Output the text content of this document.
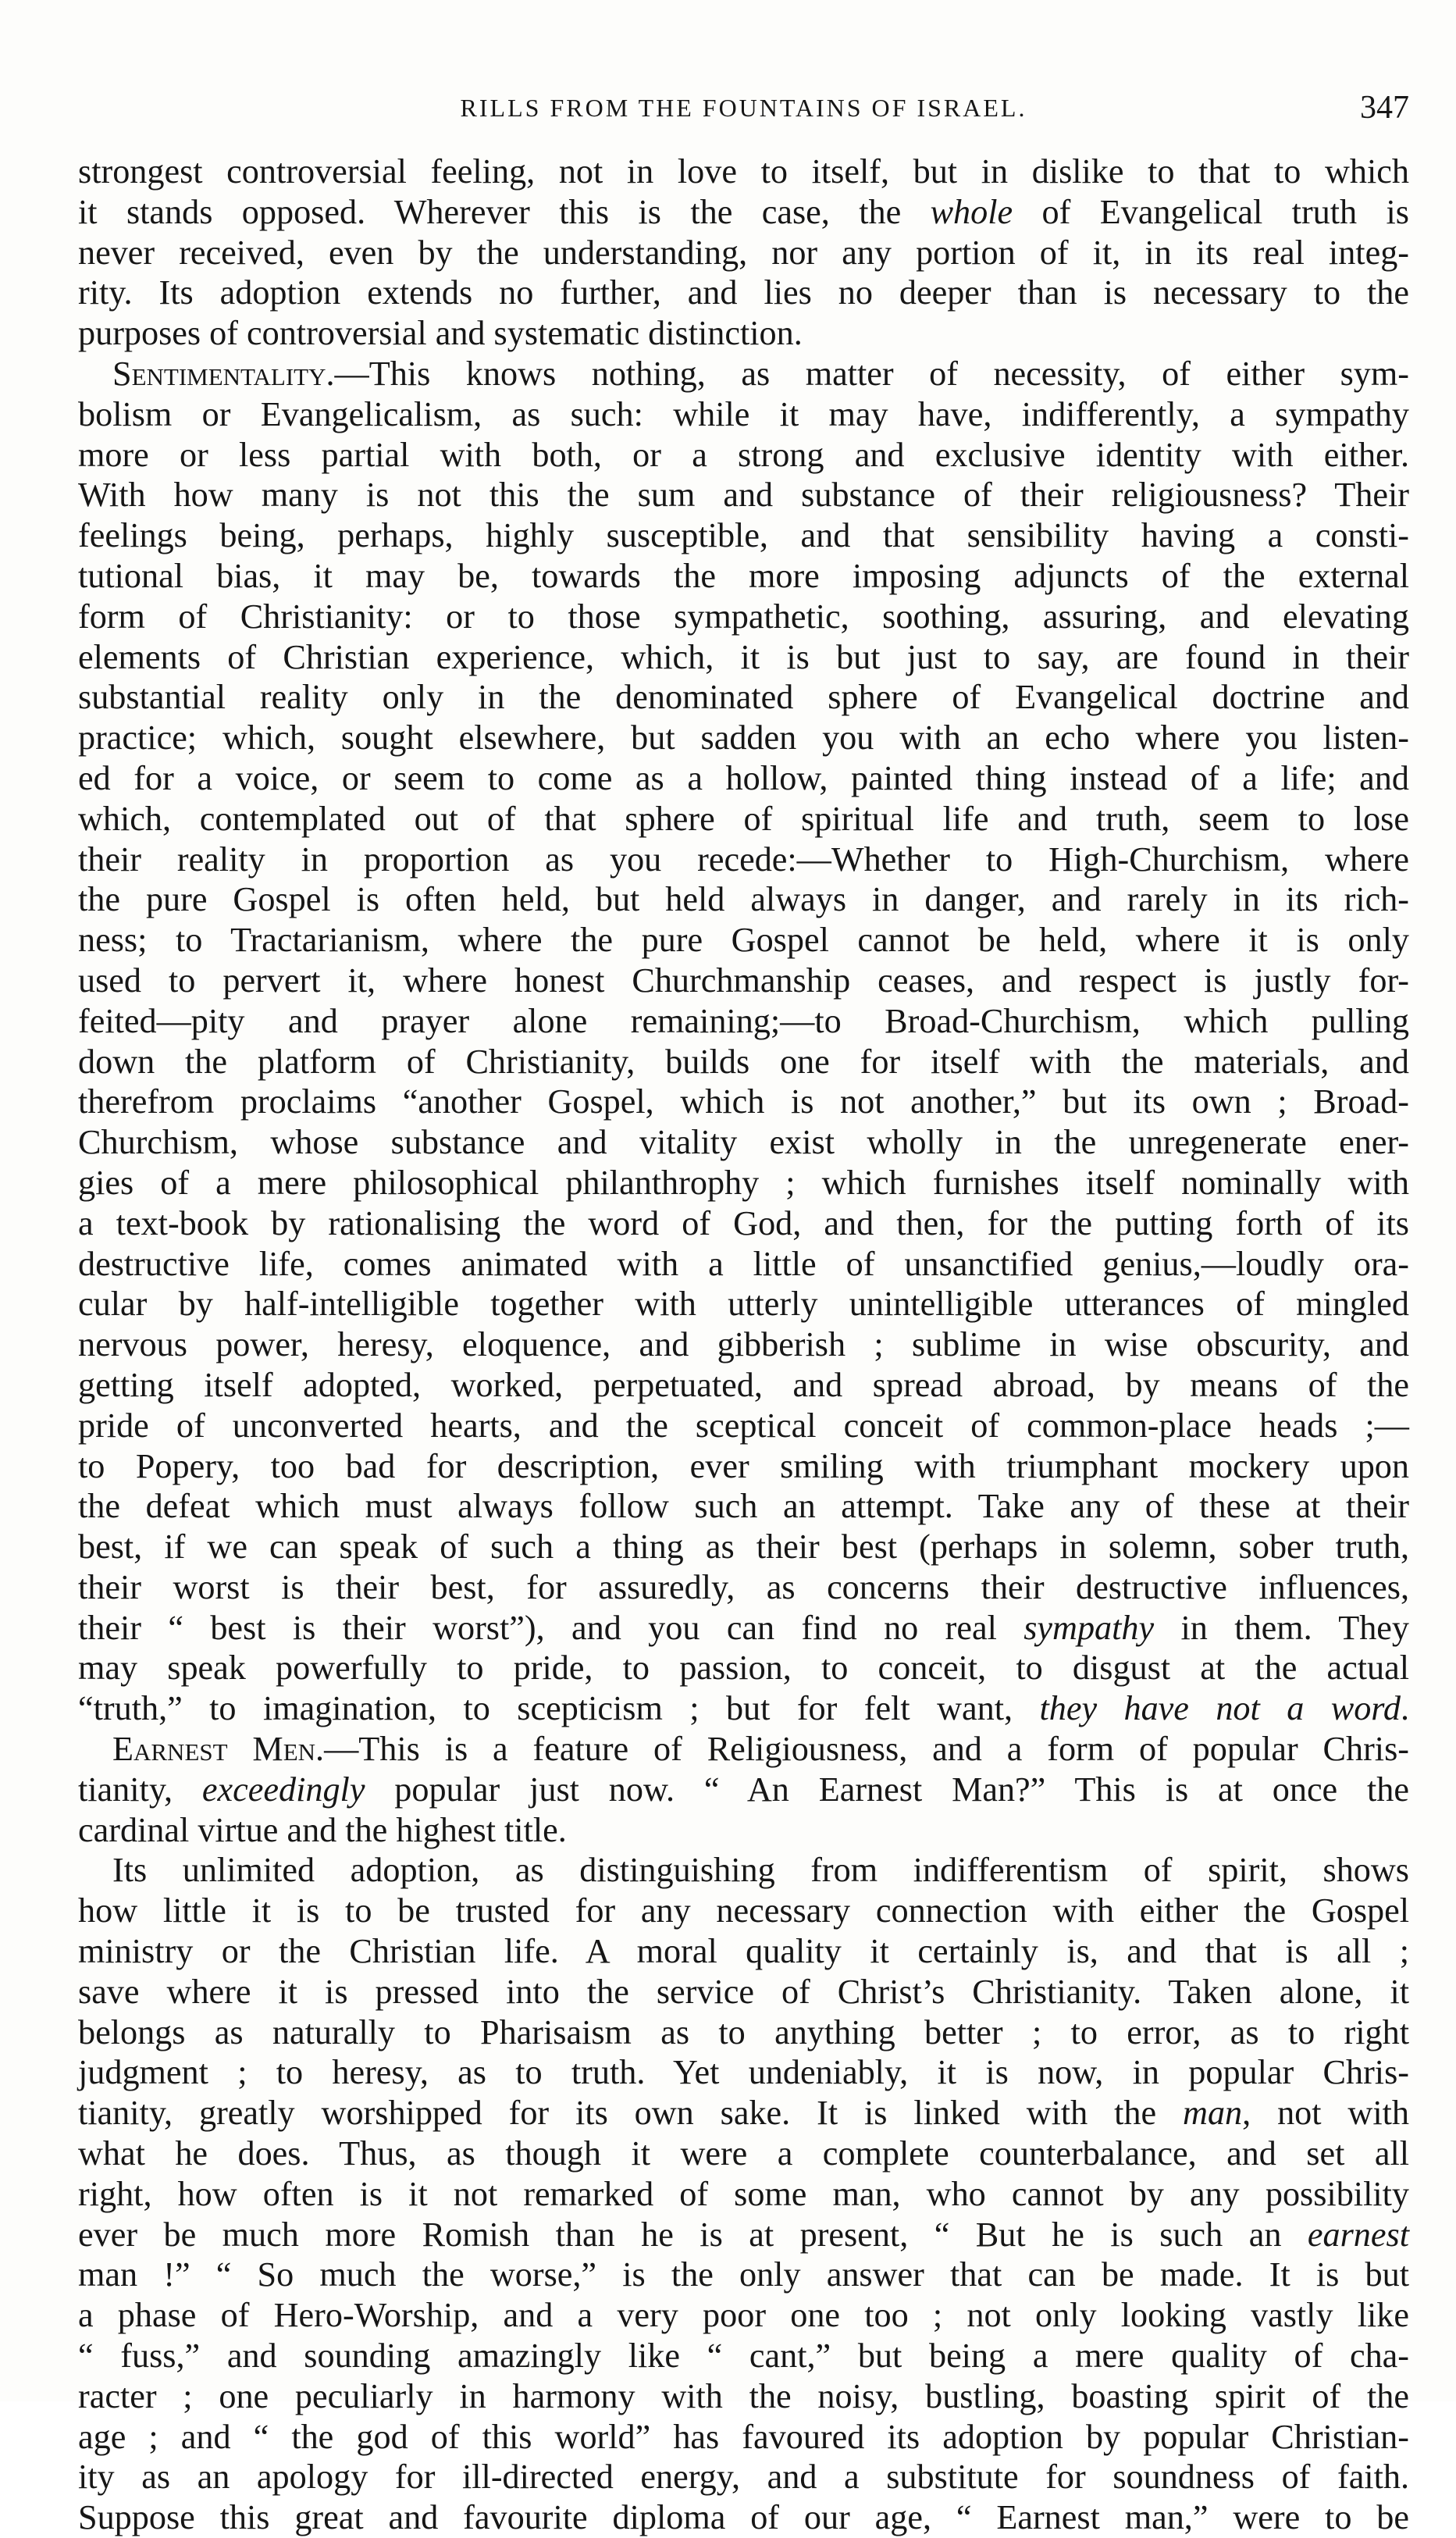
RILLS FROM THE FOUNTAINS OF ISRAEL.	347

strongest controversial feeling, not in love to itself, but in dislike to that to which

it stands opposed. Wherever this is the case, the whole of Evangelical truth is

never received, even by the understanding, nor any portion of it, in its real integ-

rity. Its adoption extends no further, and lies no deeper than is necessary to the

purposes of controversial and systematic distinction.

Sentimentality.—This knows nothing, as matter of necessity, of either sym-

bolism or Evangelicalism, as such: while it may have, indifferently, a sympathy

more or less partial with both, or a strong and exclusive identity with either.

With how many is not this the sum and substance of their religiousness? Their

feelings being, perhaps, highly susceptible, and that sensibility having a consti-

tutional bias, it may be, towards the more imposing adjuncts of the external

form of Christianity: or to those sympathetic, soothing, assuring, and elevating

elements of Christian experience, which, it is but just to say, are found in their

substantial reality only in the denominated sphere of Evangelical doctrine and

practice; which, sought elsewhere, but sadden you with an echo where you listen-

ed for a voice, or seem to come as a hollow, painted thing instead of a life; and

which, contemplated out of that sphere of spiritual life and truth, seem to lose

their reality in proportion as you recede:—Whether to High-Churchism, where

the pure Gospel is often held, but held always in danger, and rarely in its rich-

ness; to Tractarianism, where the pure Gospel cannot be held, where it is only

used to pervert it, where honest Churchmanship ceases, and respect is justly for-

feited—pity and prayer alone remaining;—to Broad-Churchism, which pulling

down the platform of Christianity, builds one for itself with the materials, and

therefrom proclaims “another Gospel, which is not another,” but its own ; Broad-

Churchism, whose substance and vitality exist wholly in the unregenerate ener-

gies of a mere philosophical philanthrophy ; which furnishes itself nominally with

a text-book by rationalising the word of God, and then, for the putting forth of its

destructive life, comes animated with a little of unsanctified genius,—loudly ora-

cular by half-intelligible together with utterly unintelligible utterances of mingled

nervous power, heresy, eloquence, and gibberish ; sublime in wise obscurity, and

getting itself adopted, worked, perpetuated, and spread abroad, by means of the

pride of unconverted hearts, and the sceptical conceit of common-place heads ;—

to Popery, too bad for description, ever smiling with triumphant mockery upon

the defeat which must always follow such an attempt. Take any of these at their

best, if we can speak of such a thing as their best (perhaps in solemn, sober truth,

their worst is their best, for assuredly, as concerns their destructive influences,

their “ best is their worst”), and you can find no real sympathy in them. They

may speak powerfully to pride, to passion, to conceit, to disgust at the actual

“truth,” to imagination, to scepticism ; but for felt want, they have not a word.

Earnest Men.—This is a feature of Religiousness, and a form of popular Chris-

tianity, exceedingly popular just now. “ An Earnest Man?” This is at once the

cardinal virtue and the highest title.

Its unlimited adoption, as distinguishing from indifferentism of spirit, shows

how little it is to be trusted for any necessary connection with either the Gospel

ministry or the Christian life. A moral quality it certainly is, and that is all ;

save where it is pressed into the service of Christ’s Christianity. Taken alone, it

belongs as naturally to Pharisaism as to anything better ; to error, as to right

judgment ; to heresy, as to truth. Yet undeniably, it is now, in popular Chris-

tianity, greatly worshipped for its own sake. It is linked with the man, not with

what he does. Thus, as though it were a complete counterbalance, and set all

right, how often is it not remarked of some man, who cannot by any possibility

ever be much more Romish than he is at present, “ But he is such an earnest

man !” “ So much the worse,” is the only answer that can be made. It is but

a phase of Hero-Worship, and a very poor one too ; not only looking vastly like

“ fuss,” and sounding amazingly like “ cant,” but being a mere quality of cha-

racter ; one peculiarly in harmony with the noisy, bustling, boasting spirit of the

age ; and “ the god of this world” has favoured its adoption by popular Christian-

ity as an apology for ill-directed energy, and a substitute for soundness of faith.

Suppose this great and favourite diploma of our age, “ Earnest man,” were to be
